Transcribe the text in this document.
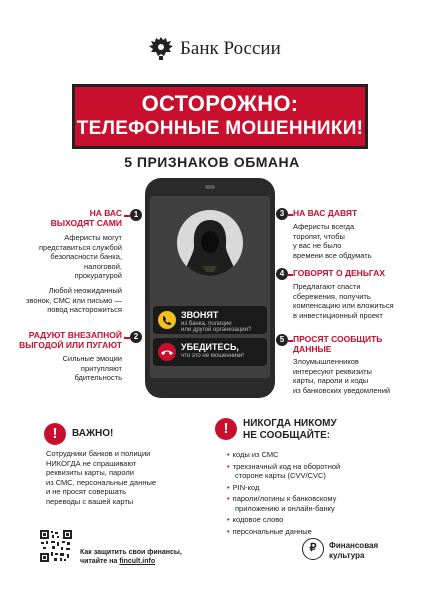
Банк России
ОСТОРОЖНО:
ТЕЛЕФОННЫЕ МОШЕННИКИ!
5 ПРИЗНАКОВ ОБМАНА
ЗВОНЯТ
из банка, полиции
или другой организации?
УБЕДИТЕСЬ,
что это не мошенники!
НА ВАС
ВЫХОДЯТ САМИ
1
Аферисты могут
представиться службой
безопасности банка,
налоговой,
прокуратурой
Любой неожиданный
звонок, СМС или письмо —
повод насторожиться
РАДУЮТ ВНЕЗАПНОЙ
ВЫГОДОЙ ИЛИ ПУГАЮТ
2
Сильные эмоции
притупляют
бдительность
3	НА ВАС ДАВЯТ
Аферисты всегда
торопят, чтобы
у вас не было
времени все обдумать
4	ГОВОРЯТ О ДЕНЬГАХ
Предлагают спасти
сбережения, получить
компенсацию или вложиться
в инвестиционный проект
5	ПРОСЯТ СООБЩИТЬ
ДАННЫЕ
Злоумышленников
интересуют реквизиты
карты, пароли и коды
из банковских уведомлений
!	ВАЖНО!
Сотрудники банков и полиции
НИКОГДА не спрашивают
реквизиты карты, пароли
из СМС, персональные данные
и не просят совершать
переводы с вашей карты
!	НИКОГДА НИКОМУ
НЕ СООБЩАЙТЕ:
• коды из СМС
• трехзначный код на оборотной
стороне карты (CVV/CVC)
• PIN-код
• пароли/логины к банковскому
приложению и онлайн-банку
• кодовое слово
• персональные данные
Как защитить свои финансы,
читайте на fincult.info
₽	Финансовая
культура
